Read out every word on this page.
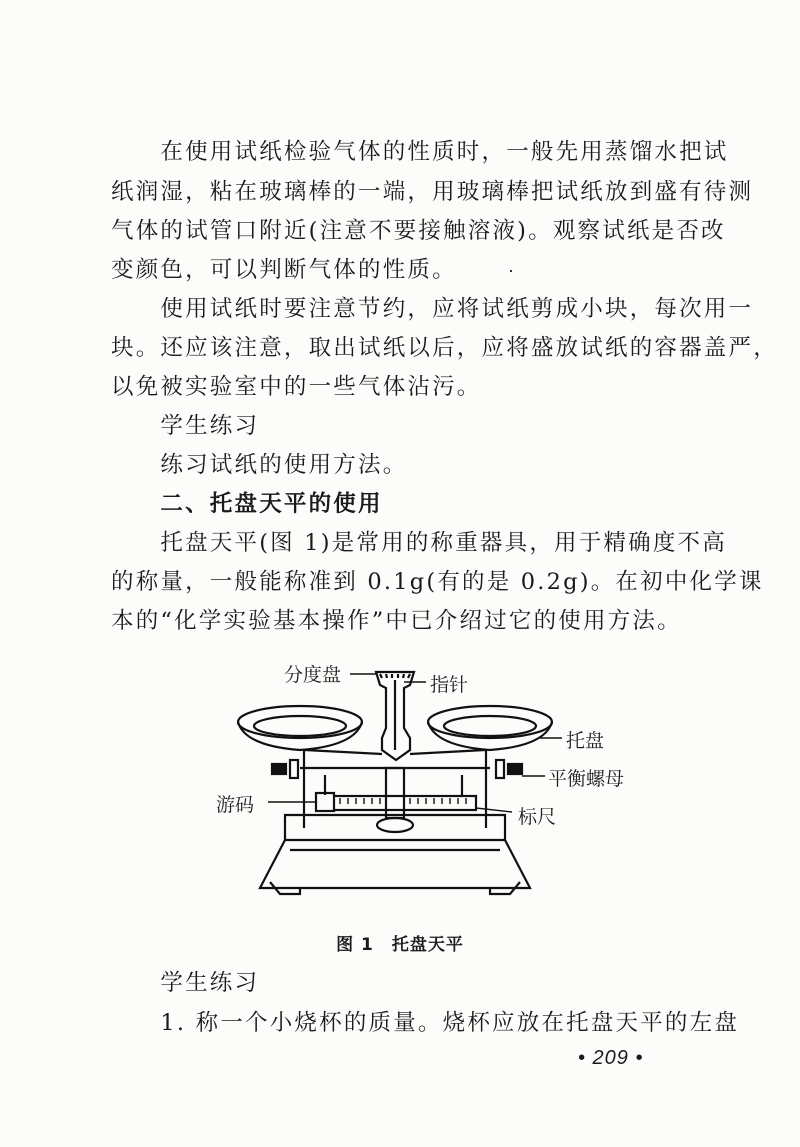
　　在使用试纸检验气体的性质时，一般先用蒸馏水把试
纸润湿，粘在玻璃棒的一端，用玻璃棒把试纸放到盛有待测
气体的试管口附近(注意不要接触溶液)。观察试纸是否改
变颜色，可以判断气体的性质。
　　使用试纸时要注意节约，应将试纸剪成小块，每次用一
块。还应该注意，取出试纸以后，应将盛放试纸的容器盖严，
以免被实验室中的一些气体沾污。
　　学生练习
　　练习试纸的使用方法。
　　二、托盘天平的使用
　　托盘天平(图 1)是常用的称重器具，用于精确度不高
的称量，一般能称准到 0.1g(有的是 0.2g)。在初中化学课
本的“化学实验基本操作”中已介绍过它的使用方法。
分度盘	指针
托盘
平衡螺母
游码
标尺
图 1　托盘天平
　　学生练习
　　1. 称一个小烧杯的质量。烧杯应放在托盘天平的左盘
• 209 •
